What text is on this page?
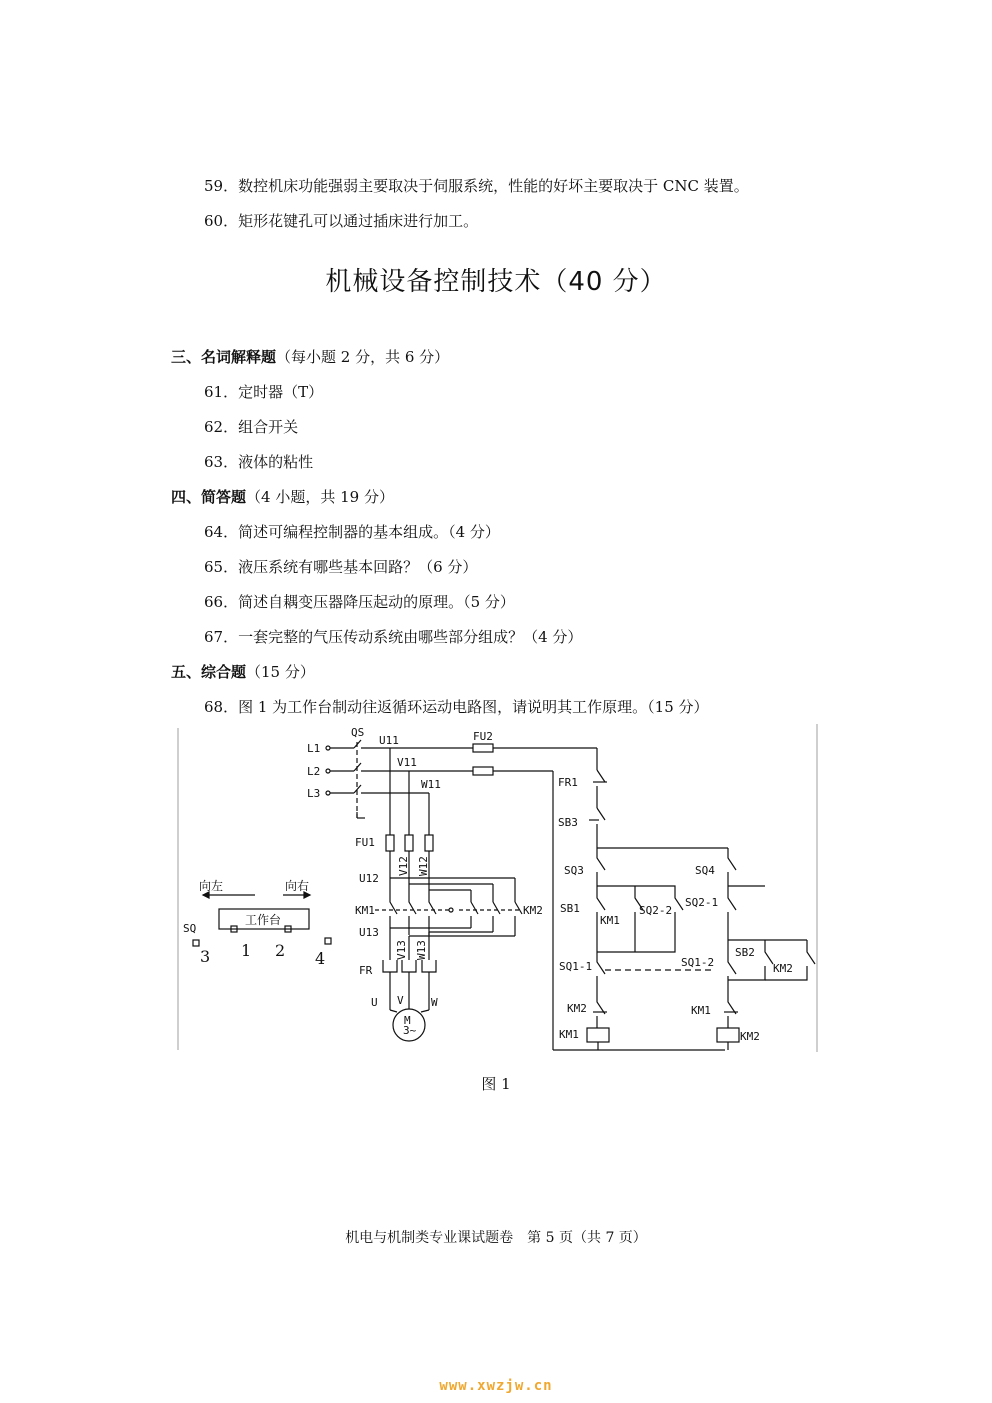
59．数控机床功能强弱主要取决于伺服系统，性能的好坏主要取决于 CNC 装置。
60．矩形花键孔可以通过插床进行加工。
机械设备控制技术（40 分）
三、名词解释题（每小题 2 分，共 6 分）
61．定时器（T）
62．组合开关
63．液体的粘性
四、简答题（4 小题，共 19 分）
64．简述可编程控制器的基本组成。（4 分）
65．液压系统有哪些基本回路？（6 分）
66．简述自耦变压器降压起动的原理。（5 分）
67．一套完整的气压传动系统由哪些部分组成？（4 分）
五、综合题（15 分）
68．图 1 为工作台制动往返循环运动电路图，请说明其工作原理。（15 分）
L1
L2
L3
QS
U11
V11
W11
FU2
FU1
V12 W12
U12
KM1	KM2
U13
V13 W13
FR
U V W
M
3~
向左	向右
工作台
SQ
3 1 2 4
FR1
SB3
SQ3	SQ4
SB1
KM1
SQ2-2
SQ2-1
SQ1-1	SQ1-2
SB2
KM2
KM2	KM1
KM1	KM2
图 1
机电与机制类专业课试题卷　第 5 页（共 7 页）
www.xwzjw.cn
